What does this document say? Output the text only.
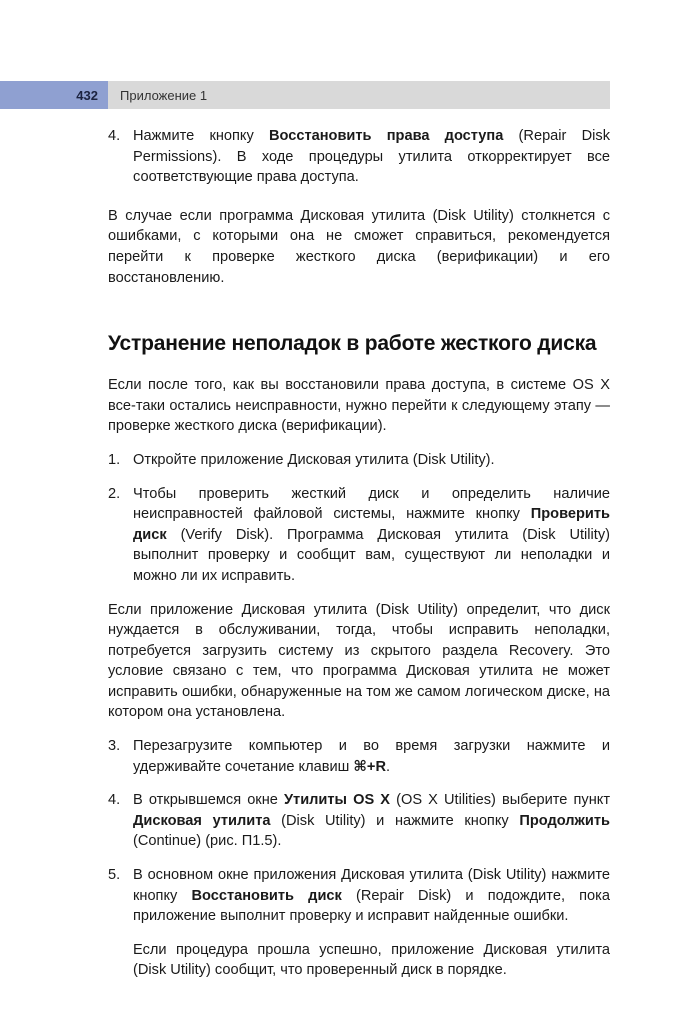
432	Приложение 1
4. Нажмите кнопку Восстановить права доступа (Repair Disk Permissions). В ходе процедуры утилита откорректирует все соответствующие права доступа.

В случае если программа Дисковая утилита (Disk Utility) столкнется с ошибками, с которыми она не сможет справиться, рекомендуется перейти к проверке жесткого диска (верификации) и его восстановлению.

Устранение неполадок в работе жесткого диска

Если после того, как вы восстановили права доступа, в системе OS X все-таки остались неисправности, нужно перейти к следующему этапу — проверке жесткого диска (верификации).

1. Откройте приложение Дисковая утилита (Disk Utility).
2. Чтобы проверить жесткий диск и определить наличие неисправностей файловой системы, нажмите кнопку Проверить диск (Verify Disk). Программа Дисковая утилита (Disk Utility) выполнит проверку и сообщит вам, существуют ли неполадки и можно ли их исправить.

Если приложение Дисковая утилита (Disk Utility) определит, что диск нуждается в обслуживании, тогда, чтобы исправить неполадки, потребуется загрузить систему из скрытого раздела Recovery. Это условие связано с тем, что программа Дисковая утилита не может исправить ошибки, обнаруженные на том же самом логическом диске, на котором она установлена.

3. Перезагрузите компьютер и во время загрузки нажмите и удерживайте сочетание клавиш ⌘+R.
4. В открывшемся окне Утилиты OS X (OS X Utilities) выберите пункт Дисковая утилита (Disk Utility) и нажмите кнопку Продолжить (Continue) (рис. П1.5).
5. В основном окне приложения Дисковая утилита (Disk Utility) нажмите кнопку Восстановить диск (Repair Disk) и подождите, пока приложение выполнит проверку и исправит найденные ошибки.

Если процедура прошла успешно, приложение Дисковая утилита (Disk Utility) сообщит, что проверенный диск в порядке.
